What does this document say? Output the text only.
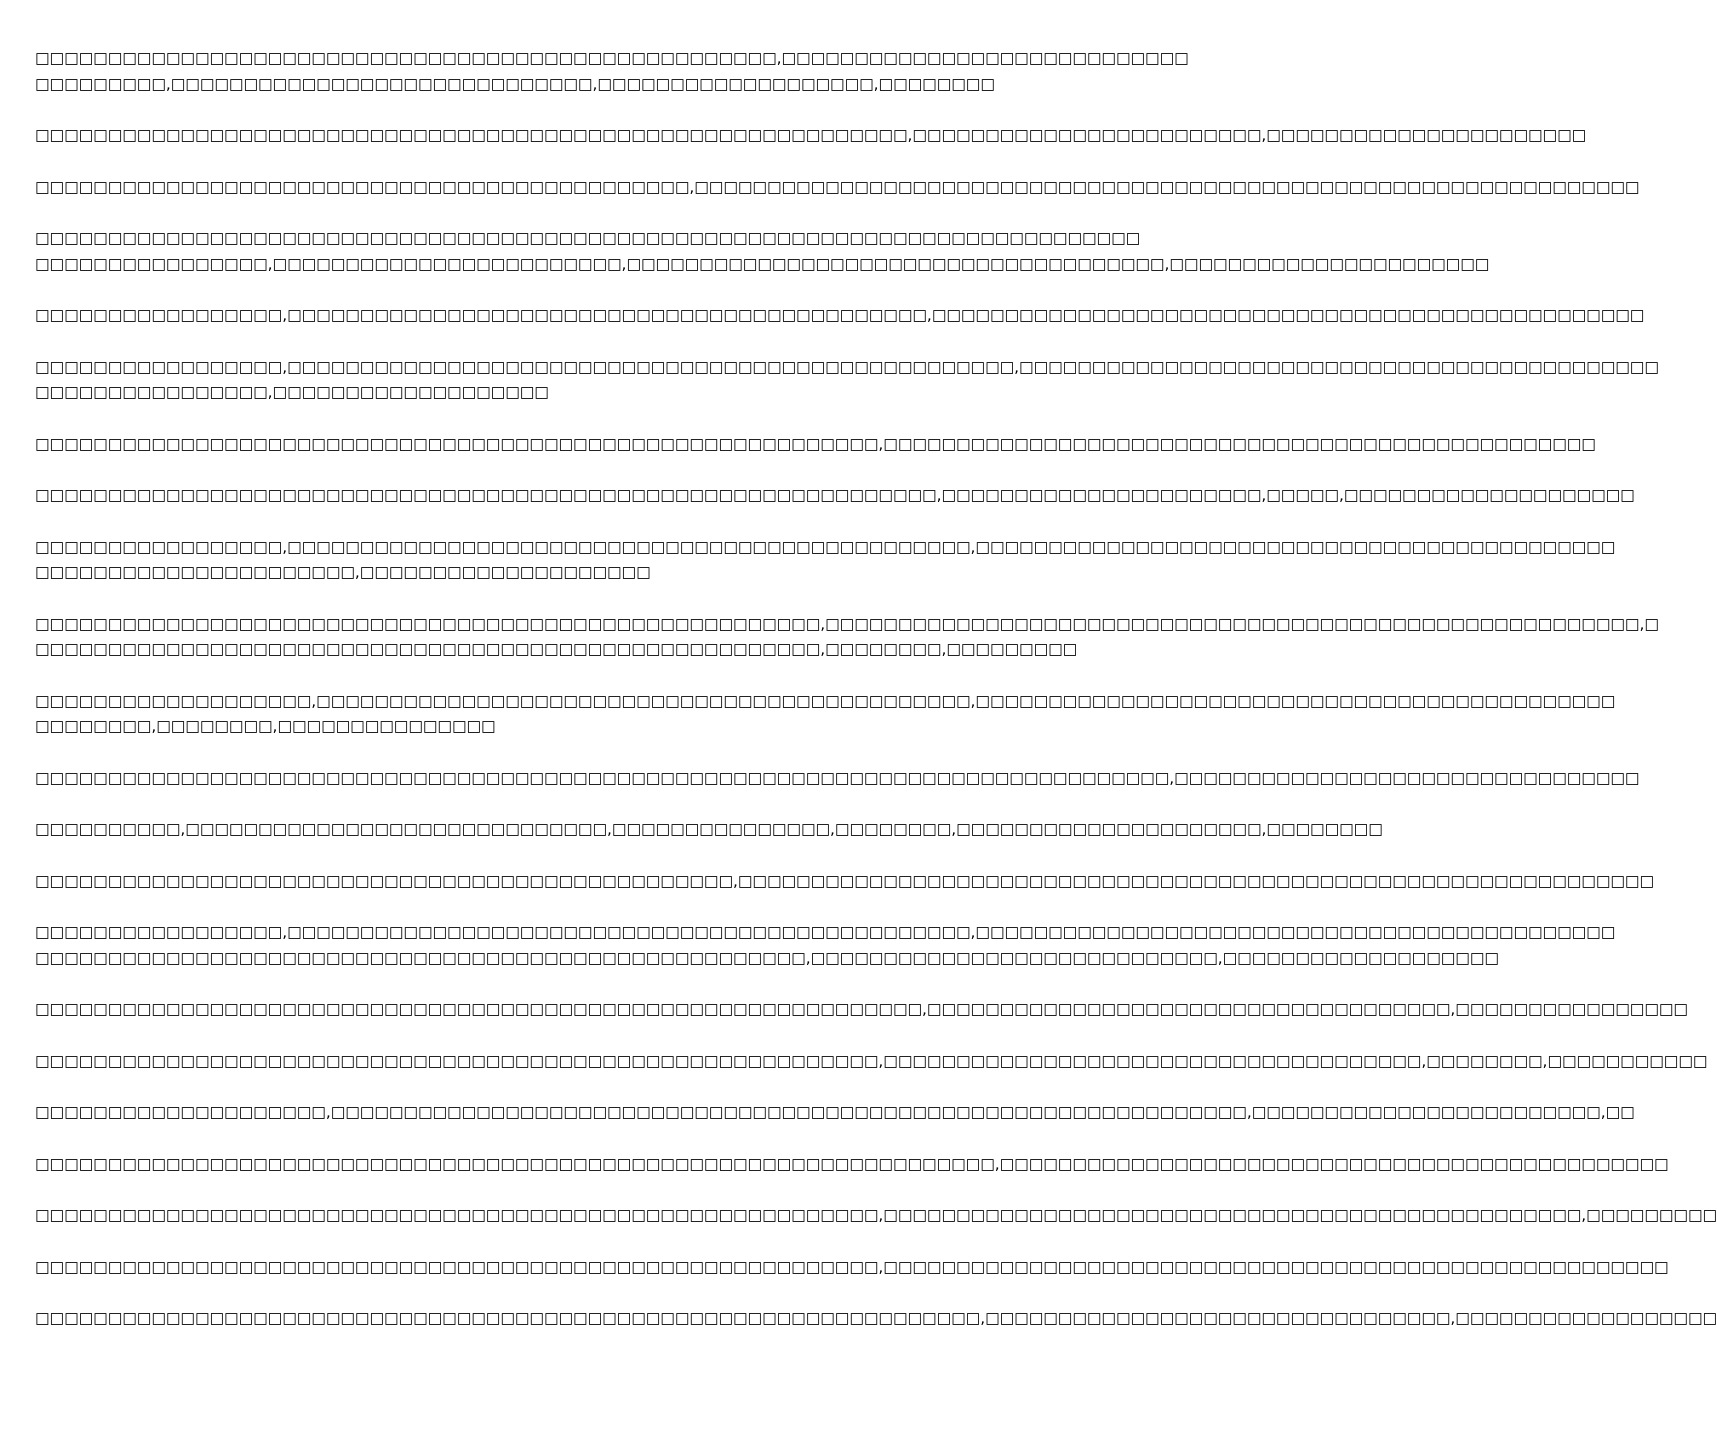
□□□□□□□□□□□□□□□□□□□□□□□□□□□□□□□□□□□□□□□□□□□□□□□□□□□,□□□□□□□□□□□□□□□□□□□□□□□□□□□□
□□□□□□□□□,□□□□□□□□□□□□□□□□□□□□□□□□□□□□□,□□□□□□□□□□□□□□□□□□□,□□□□□□□□
□□□□□□□□□□□□□□□□□□□□□□□□□□□□□□□□□□□□□□□□□□□□□□□□□□□□□□□□□□□□,□□□□□□□□□□□□□□□□□□□□□□□□,□□□□□□□□□□□□□□□□□□□□□□
□□□□□□□□□□□□□□□□□□□□□□□□□□□□□□□□□□□□□□□□□□□□□,□□□□□□□□□□□□□□□□□□□□□□□□□□□□□□□□□□□□□□□□□□□□□□□□□□□□□□□□□□□□□□□□□
□□□□□□□□□□□□□□□□□□□□□□□□□□□□□□□□□□□□□□□□□□□□□□□□□□□□□□□□□□□□□□□□□□□□□□□□□□□□
□□□□□□□□□□□□□□□□,□□□□□□□□□□□□□□□□□□□□□□□□,□□□□□□□□□□□□□□□□□□□□□□□□□□□□□□□□□□□□□,□□□□□□□□□□□□□□□□□□□□□□
□□□□□□□□□□□□□□□□□,□□□□□□□□□□□□□□□□□□□□□□□□□□□□□□□□□□□□□□□□□□□□,□□□□□□□□□□□□□□□□□□□□□□□□□□□□□□□□□□□□□□□□□□□□□□□□□
□□□□□□□□□□□□□□□□□,□□□□□□□□□□□□□□□□□□□□□□□□□□□□□□□□□□□□□□□□□□□□□□□□□□,□□□□□□□□□□□□□□□□□□□□□□□□□□□□□□□□□□□□□□□□□□□□
□□□□□□□□□□□□□□□□,□□□□□□□□□□□□□□□□□□□
□□□□□□□□□□□□□□□□□□□□□□□□□□□□□□□□□□□□□□□□□□□□□□□□□□□□□□□□□□,□□□□□□□□□□□□□□□□□□□□□□□□□□□□□□□□□□□□□□□□□□□□□□□□□
□□□□□□□□□□□□□□□□□□□□□□□□□□□□□□□□□□□□□□□□□□□□□□□□□□□□□□□□□□□□□□,□□□□□□□□□□□□□□□□□□□□□□,□□□□□,□□□□□□□□□□□□□□□□□□□□
□□□□□□□□□□□□□□□□□,□□□□□□□□□□□□□□□□□□□□□□□□□□□□□□□□□□□□□□□□□□□□□□□,□□□□□□□□□□□□□□□□□□□□□□□□□□□□□□□□□□□□□□□□□□□□
□□□□□□□□□□□□□□□□□□□□□□,□□□□□□□□□□□□□□□□□□□□
□□□□□□□□□□□□□□□□□□□□□□□□□□□□□□□□□□□□□□□□□□□□□□□□□□□□□□,□□□□□□□□□□□□□□□□□□□□□□□□□□□□□□□□□□□□□□□□□□□□□□□□□□□□□□□□,□
□□□□□□□□□□□□□□□□□□□□□□□□□□□□□□□□□□□□□□□□□□□□□□□□□□□□□□,□□□□□□□□,□□□□□□□□□
□□□□□□□□□□□□□□□□□□□,□□□□□□□□□□□□□□□□□□□□□□□□□□□□□□□□□□□□□□□□□□□□□,□□□□□□□□□□□□□□□□□□□□□□□□□□□□□□□□□□□□□□□□□□□□
□□□□□□□□,□□□□□□□□,□□□□□□□□□□□□□□□
□□□□□□□□□□□□□□□□□□□□□□□□□□□□□□□□□□□□□□□□□□□□□□□□□□□□□□□□□□□□□□□□□□□□□□□□□□□□□□,□□□□□□□□□□□□□□□□□□□□□□□□□□□□□□□□
□□□□□□□□□□,□□□□□□□□□□□□□□□□□□□□□□□□□□□□□,□□□□□□□□□□□□□□□,□□□□□□□□,□□□□□□□□□□□□□□□□□□□□□,□□□□□□□□
□□□□□□□□□□□□□□□□□□□□□□□□□□□□□□□□□□□□□□□□□□□□□□□□,□□□□□□□□□□□□□□□□□□□□□□□□□□□□□□□□□□□□□□□□□□□□□□□□□□□□□□□□□□□□□□□
□□□□□□□□□□□□□□□□□,□□□□□□□□□□□□□□□□□□□□□□□□□□□□□□□□□□□□□□□□□□□□□□□,□□□□□□□□□□□□□□□□□□□□□□□□□□□□□□□□□□□□□□□□□□□□
□□□□□□□□□□□□□□□□□□□□□□□□□□□□□□□□□□□□□□□□□□□□□□□□□□□□□,□□□□□□□□□□□□□□□□□□□□□□□□□□□□,□□□□□□□□□□□□□□□□□□□
□□□□□□□□□□□□□□□□□□□□□□□□□□□□□□□□□□□□□□□□□□□□□□□□□□□□□□□□□□□□□,□□□□□□□□□□□□□□□□□□□□□□□□□□□□□□□□□□□□,□□□□□□□□□□□□□□□□
□□□□□□□□□□□□□□□□□□□□□□□□□□□□□□□□□□□□□□□□□□□□□□□□□□□□□□□□□□,□□□□□□□□□□□□□□□□□□□□□□□□□□□□□□□□□□□□□,□□□□□□□□,□□□□□□□□□□□
□□□□□□□□□□□□□□□□□□□□,□□□□□□□□□□□□□□□□□□□□□□□□□□□□□□□□□□□□□□□□□□□□□□□□□□□□□□□□□□□□□□□,□□□□□□□□□□□□□□□□□□□□□□□□,□□
□□□□□□□□□□□□□□□□□□□□□□□□□□□□□□□□□□□□□□□□□□□□□□□□□□□□□□□□□□□□□□□□□□,□□□□□□□□□□□□□□□□□□□□□□□□□□□□□□□□□□□□□□□□□□□□□□
□□□□□□□□□□□□□□□□□□□□□□□□□□□□□□□□□□□□□□□□□□□□□□□□□□□□□□□□□□,□□□□□□□□□□□□□□□□□□□□□□□□□□□□□□□□□□□□□□□□□□□□□□□□,□□□□□□□□□
□□□□□□□□□□□□□□□□□□□□□□□□□□□□□□□□□□□□□□□□□□□□□□□□□□□□□□□□□□,□□□□□□□□□□□□□□□□□□□□□□□□□□□□□□□□□□□□□□□□□□□□□□□□□□□□□□
□□□□□□□□□□□□□□□□□□□□□□□□□□□□□□□□□□□□□□□□□□□□□□□□□□□□□□□□□□□□□□□□□,□□□□□□□□□□□□□□□□□□□□□□□□□□□□□□□□,□□□□□□□□□□□□□□□□□□
